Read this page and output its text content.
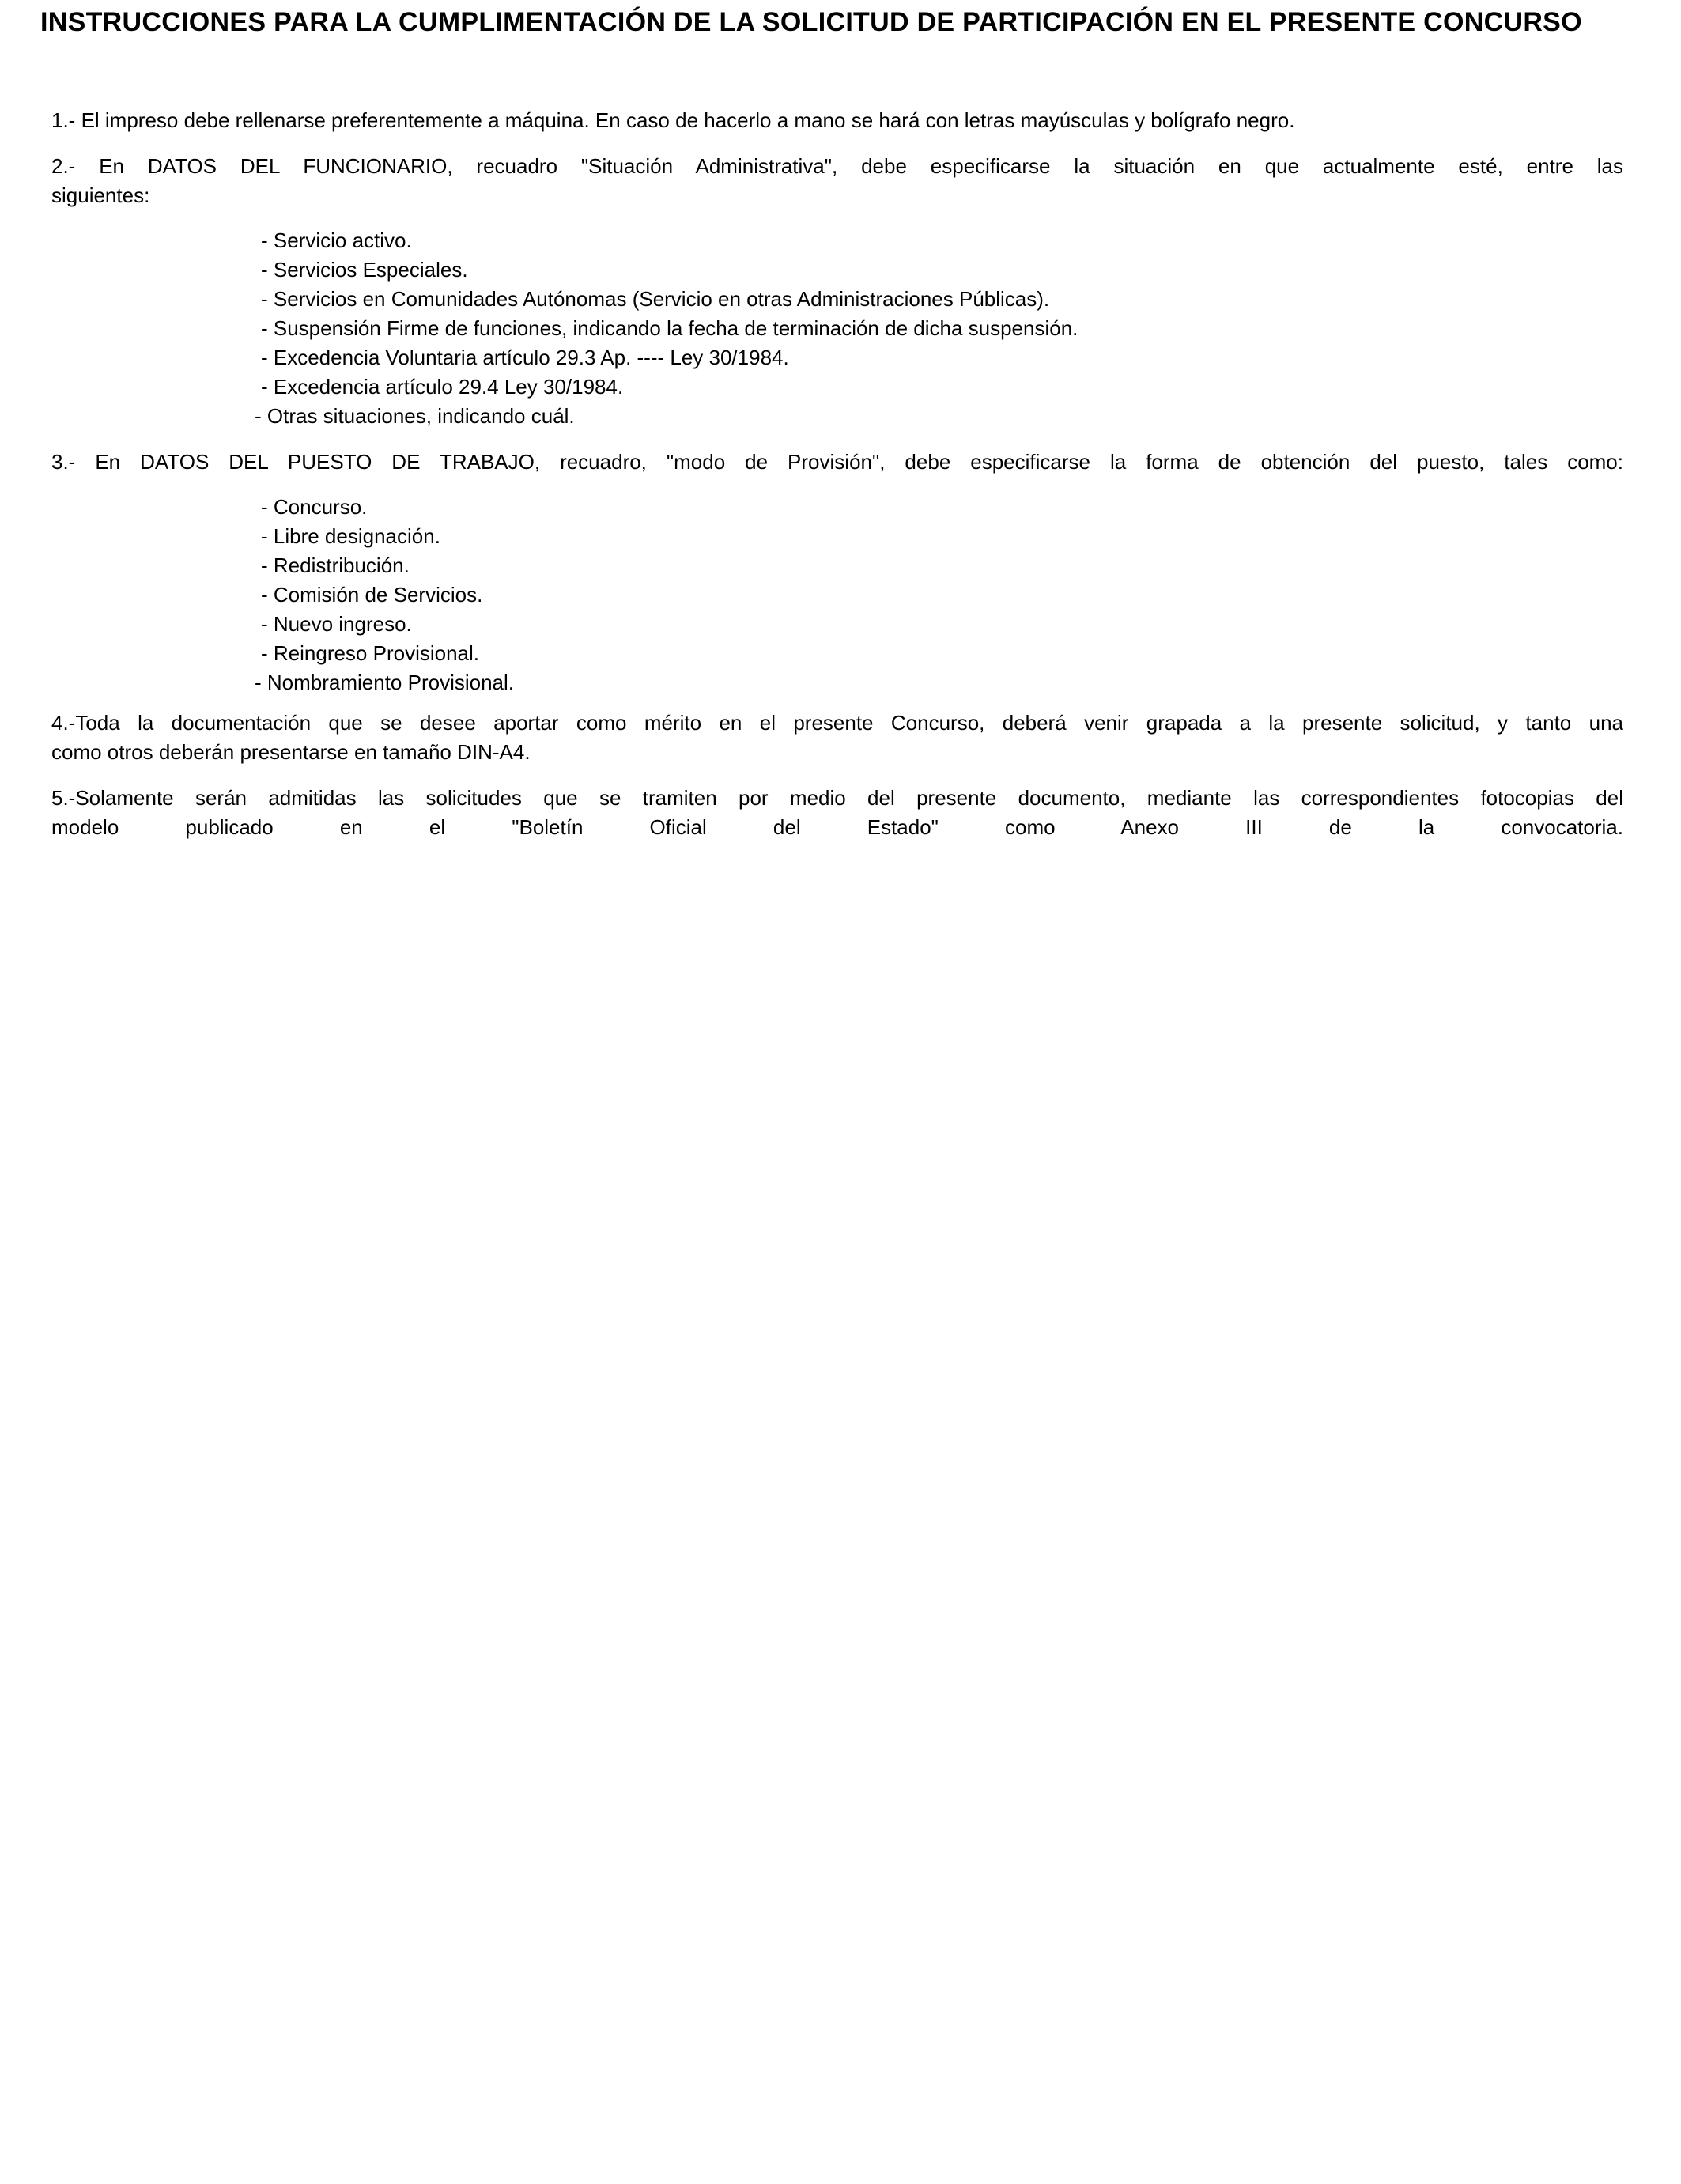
INSTRUCCIONES PARA LA CUMPLIMENTACIÓN DE LA SOLICITUD DE PARTICIPACIÓN EN EL PRESENTE CONCURSO
1.- El impreso debe rellenarse preferentemente a máquina. En caso de hacerlo a mano se hará con letras mayúsculas y bolígrafo negro.
2.- En DATOS DEL FUNCIONARIO, recuadro "Situación Administrativa", debe especificarse la situación en que actualmente esté, entre las
siguientes:
- Servicio activo.
- Servicios Especiales.
- Servicios en Comunidades Autónomas (Servicio en otras Administraciones Públicas).
- Suspensión Firme de funciones, indicando la fecha de terminación de dicha suspensión.
- Excedencia Voluntaria artículo 29.3 Ap. ---- Ley 30/1984.
- Excedencia artículo 29.4 Ley 30/1984.
- Otras situaciones, indicando cuál.
3.- En DATOS DEL PUESTO DE TRABAJO, recuadro, "modo de Provisión", debe especificarse la forma de obtención del puesto, tales como:
- Concurso.
- Libre designación.
- Redistribución.
- Comisión de Servicios.
- Nuevo ingreso.
- Reingreso Provisional.
- Nombramiento Provisional.
4.-Toda la documentación que se desee aportar como mérito en el presente Concurso, deberá venir grapada a la presente solicitud, y tanto una
como otros deberán presentarse en tamaño DIN-A4.
5.-Solamente serán admitidas las solicitudes que se tramiten por medio del presente documento, mediante las correspondientes fotocopias del
modelo publicado en el "Boletín Oficial del Estado" como Anexo III de la convocatoria.
